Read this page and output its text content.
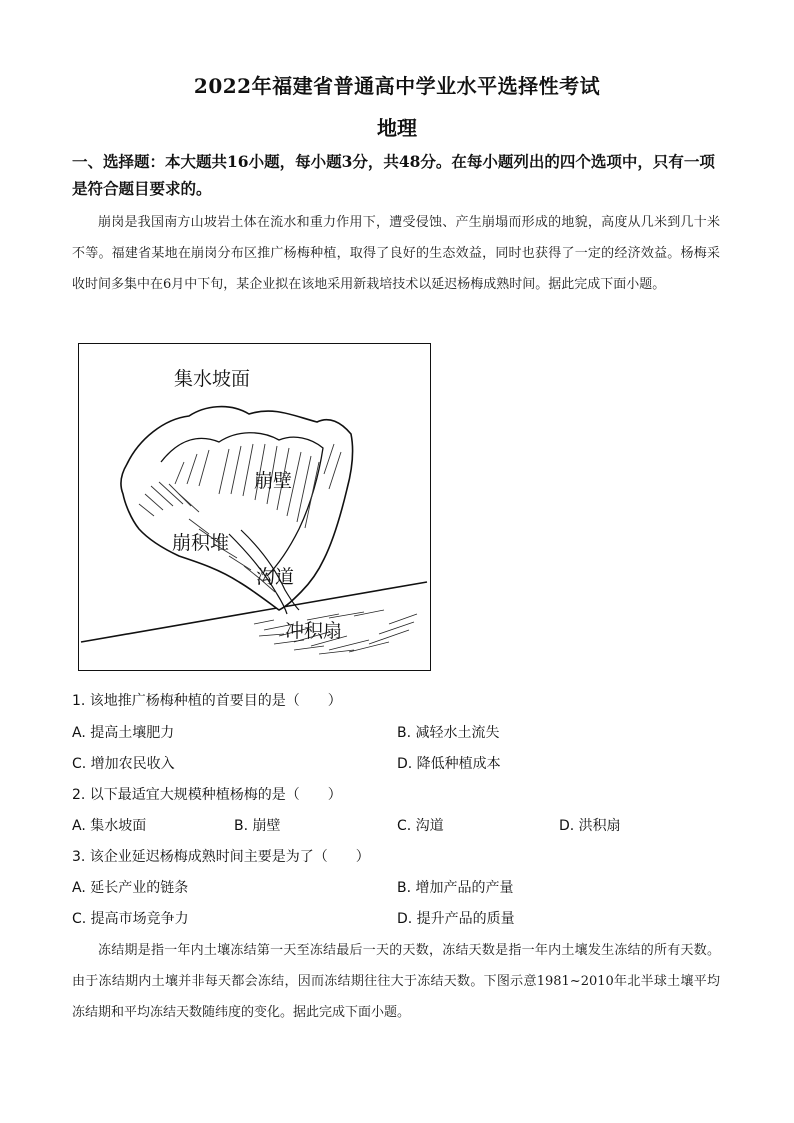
2022年福建省普通高中学业水平选择性考试
地理
一、选择题：本大题共16小题，每小题3分，共48分。在每小题列出的四个选项中，只有一项是符合题目要求的。
崩岗是我国南方山坡岩土体在流水和重力作用下，遭受侵蚀、产生崩塌而形成的地貌，高度从几米到几十米不等。福建省某地在崩岗分布区推广杨梅种植，取得了良好的生态效益，同时也获得了一定的经济效益。杨梅采收时间多集中在6月中下旬，某企业拟在该地采用新栽培技术以延迟杨梅成熟时间。据此完成下面小题。
集水坡面
崩壁
崩积堆
沟道
冲积扇
1. 该地推广杨梅种植的首要目的是（　　）
A. 提高土壤肥力	B. 减轻水土流失
C. 增加农民收入	D. 降低种植成本
2. 以下最适宜大规模种植杨梅的是（　　）
A. 集水坡面	B. 崩壁	C. 沟道	D. 洪积扇
3. 该企业延迟杨梅成熟时间主要是为了（　　）
A. 延长产业的链条	B. 增加产品的产量
C. 提高市场竞争力	D. 提升产品的质量
冻结期是指一年内土壤冻结第一天至冻结最后一天的天数，冻结天数是指一年内土壤发生冻结的所有天数。由于冻结期内土壤并非每天都会冻结，因而冻结期往往大于冻结天数。下图示意1981~2010年北半球土壤平均冻结期和平均冻结天数随纬度的变化。据此完成下面小题。
